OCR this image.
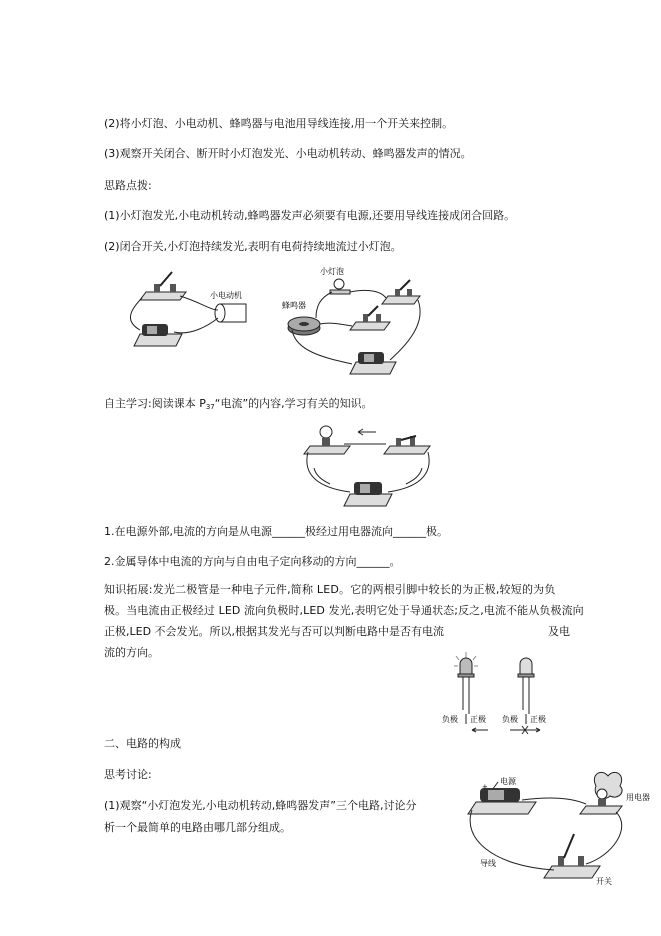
(2)将小灯泡、小电动机、蜂鸣器与电池用导线连接,用一个开关来控制。
(3)观察开关闭合、断开时小灯泡发光、小电动机转动、蜂鸣器发声的情况。
思路点拨:
(1)小灯泡发光,小电动机转动,蜂鸣器发声必须要有电源,还要用导线连接成闭合回路。
(2)闭合开关,小灯泡持续发光,表明有电荷持续地流过小灯泡。
小电动机
小灯泡
蜂鸣器
自主学习:阅读课本 $P_{37}“$电流”的内容,学习有关的知识。
1.在电源外部,电流的方向是从电源______极经过用电器流向______极。
2.金属导体中电流的方向与自由电子定向移动的方向______。
知识拓展:发光二极管是一种电子元件,简称 LED。它的两根引脚中较长的为正极,较短的为负
极。当电流由正极经过 LED 流向负极时,LED 发光,表明它处于导通状态;反之,电流不能从负极流向
正极,LED 不会发光。所以,根据其发光与否可以判断电路中是否有电流	及电
流的方向。
负极 正极 负极 正极
二、电路的构成
思考讨论:
(1)观察“小灯泡发光,小电动机转动,蜂鸣器发声”三个电路,讨论分
析一个最简单的电路由哪几部分组成。
电源
+
用电器
开关
导线
